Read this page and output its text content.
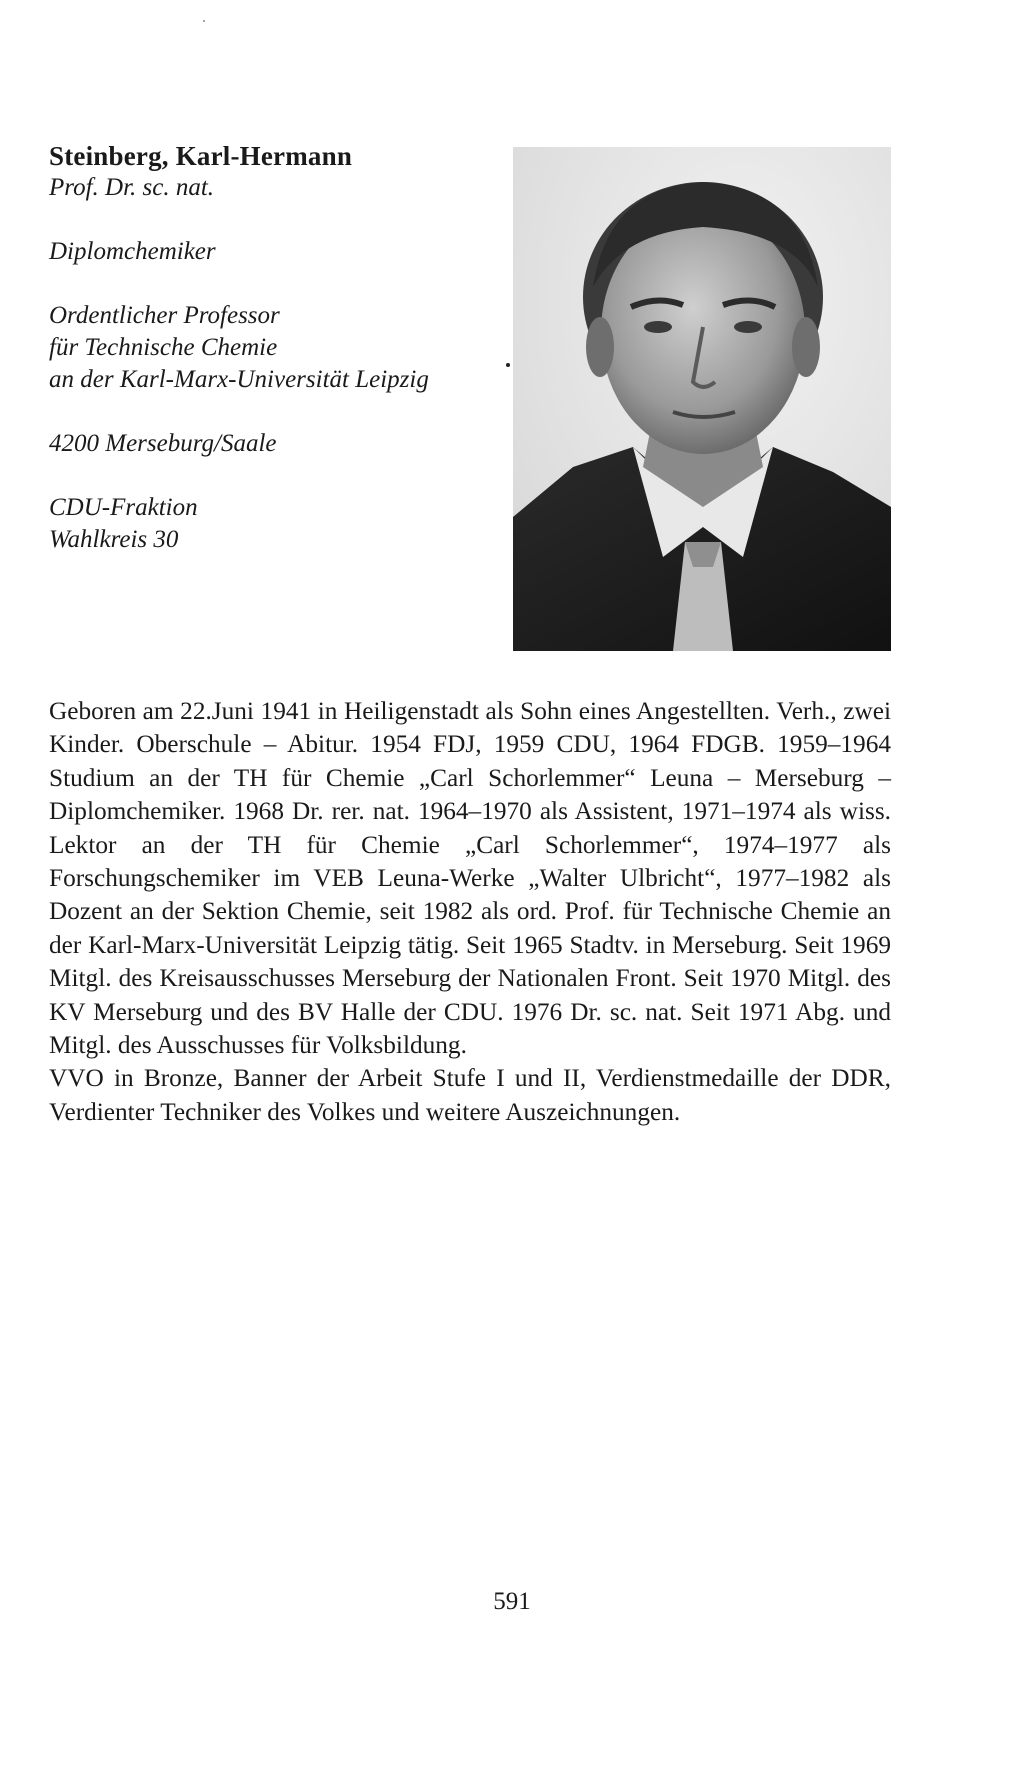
Steinberg, Karl-Hermann

Prof. Dr. sc. nat.

Diplomchemiker

Ordentlicher Professor

für Technische Chemie

an der Karl-Marx-Universität Leipzig

4200 Merseburg/Saale

CDU-Fraktion

Wahlkreis 30

Geboren am 22.Juni 1941 in Heiligenstadt als Sohn eines Angestellten. Verh., zwei Kinder. Oberschule – Abitur. 1954 FDJ, 1959 CDU, 1964 FDGB. 1959–1964 Studium an der TH für Chemie „Carl Schorlemmer“ Leuna – Merseburg – Diplomchemiker. 1968 Dr. rer. nat. 1964–1970 als Assistent, 1971–1974 als wiss. Lektor an der TH für Chemie „Carl Schorlemmer“, 1974–1977 als Forschungschemiker im VEB Leuna-Werke „Walter Ulbricht“, 1977–1982 als Dozent an der Sektion Chemie, seit 1982 als ord. Prof. für Technische Chemie an der Karl-Marx-Universität Leipzig tätig. Seit 1965 Stadtv. in Merseburg. Seit 1969 Mitgl. des Kreisausschusses Merseburg der Nationalen Front. Seit 1970 Mitgl. des KV Merseburg und des BV Halle der CDU. 1976 Dr. sc. nat. Seit 1971 Abg. und Mitgl. des Ausschusses für Volksbildung.

VVO in Bronze, Banner der Arbeit Stufe I und II, Verdienstmedaille der DDR, Verdienter Techniker des Volkes und weitere Auszeichnungen.

591
